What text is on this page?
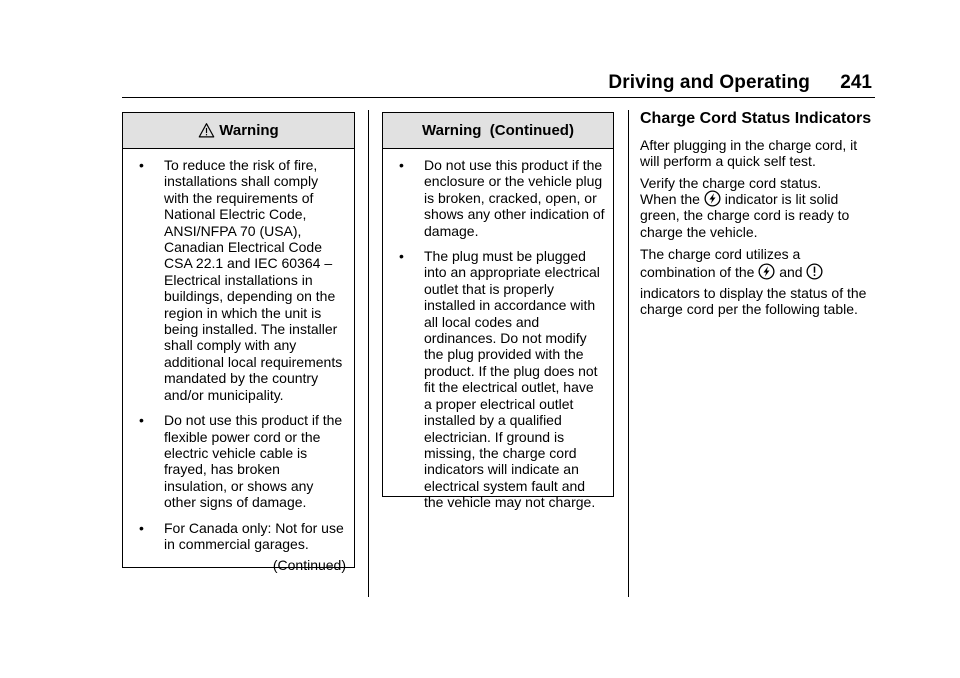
Driving and Operating 241
Warning
•	To reduce the risk of fire, installations shall comply with the requirements of National Electric Code, ANSI/NFPA 70 (USA), Canadian Electrical Code CSA 22.1 and IEC 60364 – Electrical installations in buildings, depending on the region in which the unit is being installed. The installer shall comply with any additional local requirements mandated by the country and/or municipality.
•	Do not use this product if the flexible power cord or the electric vehicle cable is frayed, has broken insulation, or shows any other signs of damage.
•	For Canada only: Not for use in commercial garages.
(Continued)
Warning  (Continued)
•	Do not use this product if the enclosure or the vehicle plug is broken, cracked, open, or shows any other indication of damage.
•	The plug must be plugged into an appropriate electrical outlet that is properly installed in accordance with all local codes and ordinances. Do not modify the plug provided with the product. If the plug does not fit the electrical outlet, have a proper electrical outlet installed by a qualified electrician. If ground is missing, the charge cord indicators will indicate an electrical system fault and the vehicle may not charge.
Charge Cord Status Indicators
After plugging in the charge cord, it will perform a quick self test.
Verify the charge cord status.
When the indicator is lit solid green, the charge cord is ready to charge the vehicle.
The charge cord utilizes a
combination of the and
indicators to display the status of the charge cord per the following table.
